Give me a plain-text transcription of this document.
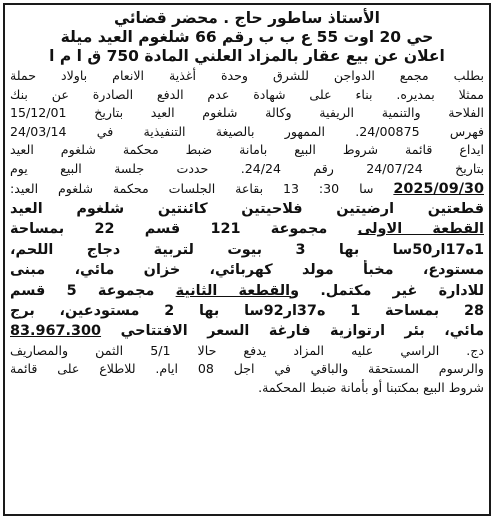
الأستاذ ساطور حاج . محضر قضائي
حي 20 اوت 55 ع ب ب رقم 66 شلغوم العيد ميلة
اعلان عن بيع عقار بالمزاد العلني المادة 750 ق ا م ا
بطلب مجمع الدواجن للشرق وحدة أغذية الانعام باولاد حملة
ممثلا بمديره. بناء على شهادة عدم الدفع الصادرة عن بنك
الفلاحة والتنمية الريفية وكالة شلغوم العيد بتاريخ 15/12/01
فهرس 24/00875. الممهور بالصيغة التنفيذية في 24/03/14
ايداع قائمة شروط البيع بامانة ضبط محكمة شلغوم العيد
بتاريخ 24/07/24 رقم 24/24. حددت جلسة البيع يوم
2025/09/30 سا 30: 13 بقاعة الجلسات محكمة شلغوم العيد:
قطعتين ارضيتين فلاحيتين كائنتين شلغوم العيد
القطعة الاولى مجموعة 121 قسم 22 بمساحة
1ه17ار50سا بها 3 بيوت لتربية دجاج اللحم،
مستودع، مخبأ مولد كهربائي، خزان مائي، مبنى
للادارة غير مكتمل. والقطعة الثانية مجموعة 5 قسم
28 بمساحة 1 ه37ار92سا بها 2 مستودعين، برج
مائي، بئر ارتوازية فارغة السعر الافتتاحي 83.967.300
دج. الراسي عليه المزاد يدفع حالا 5/1 الثمن والمصاريف
والرسوم المستحقة والباقي في اجل 08 ايام. للاطلاع على قائمة
شروط البيع بمكتبنا أو بأمانة ضبط المحكمة.
